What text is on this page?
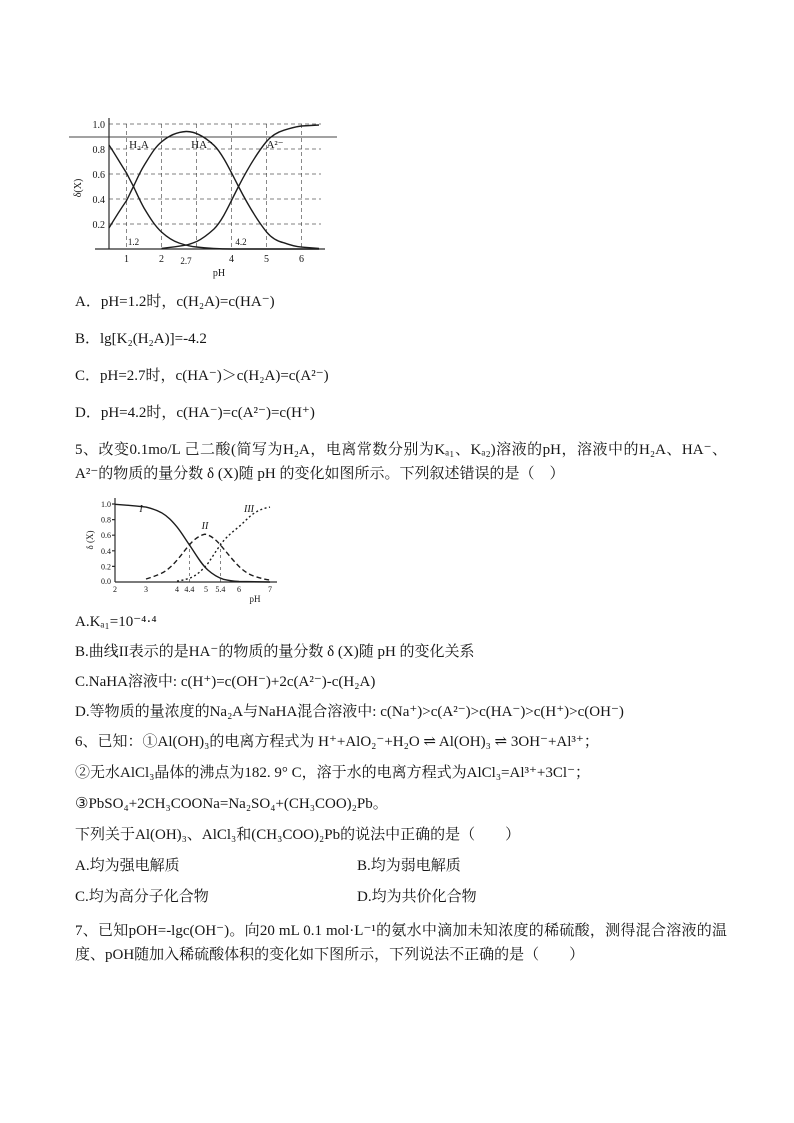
δ(X)
1.0
0.8
0.6
0.4
0.2
1	2 2.7	4	5	6
1.2	4.2
H₂A	HA⁻	A²⁻
pH
A．pH=1.2时，c(H₂A)=c(HA⁻)
B．lg[K₂(H₂A)]=-4.2
C．pH=2.7时，c(HA⁻)＞c(H₂A)=c(A²⁻)
D．pH=4.2时，c(HA⁻)=c(A²⁻)=c(H⁺)

5、改变0.1mo/L 己二酸(简写为H₂A，电离常数分别为Kₐ₁、Kₐ₂)溶液的pH，溶液中的H₂A、HA⁻、A²⁻的物质的量分数 δ (X)随 pH 的变化如图所示。下列叙述错误的是（　）

δ (X)
1.0
0.8
0.6
0.4
0.2
0.0
2	3	4 4.4 5 5.4 6	7
I
II
III
pH
A.Kₐ₁=10⁻⁴·⁴
B.曲线II表示的是HA⁻的物质的量分数 δ (X)随 pH 的变化关系
C.NaHA溶液中: c(H⁺)=c(OH⁻)+2c(A²⁻)-c(H₂A)
D.等物质的量浓度的Na₂A与NaHA混合溶液中: c(Na⁺)>c(A²⁻)>c(HA⁻)>c(H⁺)>c(OH⁻)

6、已知：①Al(OH)₃的电离方程式为 H⁺+AlO₂⁻+H₂O ⇌ Al(OH)₃ ⇌ 3OH⁻+Al³⁺；

②无水AlCl₃晶体的沸点为182. 9° C，溶于水的电离方程式为AlCl₃=Al³⁺+3Cl⁻；

③PbSO₄+2CH₃COONa=Na₂SO₄+(CH₃COO)₂Pb。

下列关于Al(OH)₃、AlCl₃和(CH₃COO)₂Pb的说法中正确的是（　　）

A.均为强电解质	B.均为弱电解质
C.均为高分子化合物	D.均为共价化合物

7、已知pOH=-lgc(OH⁻)。向20 mL 0.1 mol·L⁻¹的氨水中滴加未知浓度的稀硫酸，测得混合溶液的温度、pOH随加入稀硫酸体积的变化如下图所示，下列说法不正确的是（　　）
